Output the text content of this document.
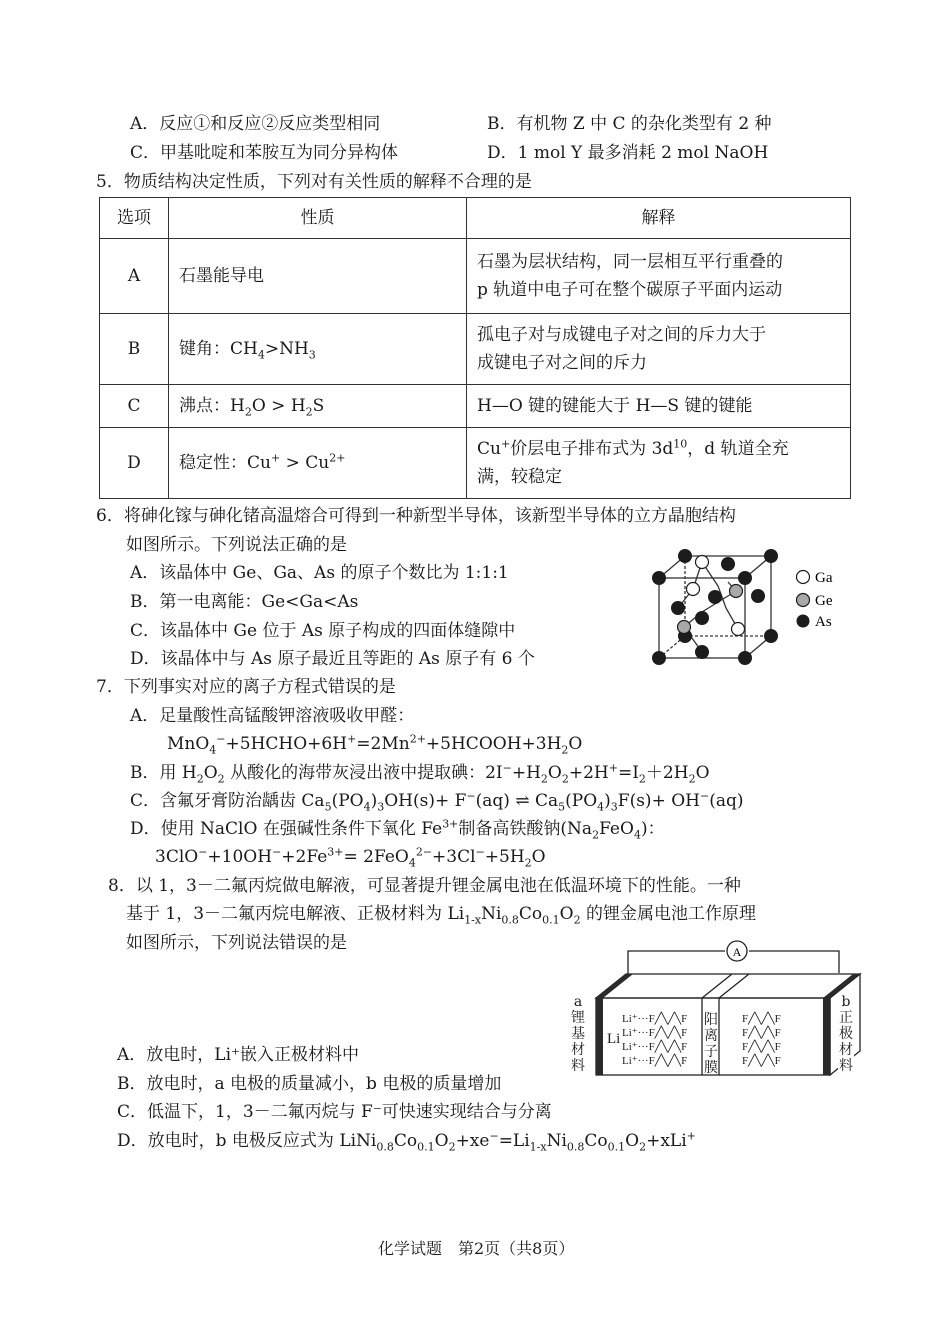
A．反应①和反应②反应类型相同	B．有机物 Z 中 C 的杂化类型有 2 种
C．甲基吡啶和苯胺互为同分异构体	D．1 mol Y 最多消耗 2 mol NaOH
5．物质结构决定性质，下列对有关性质的解释不合理的是
选项	性质	解释
A	石墨能导电	石墨为层状结构，同一层相互平行重叠的
p 轨道中电子可在整个碳原子平面内运动

B	键角：$CH_4>NH_3$	孤电子对与成键电子对之间的斥力大于
成键电子对之间的斥力

C	沸点：$H_2O > H_2S$	H—O 键的键能大于 H—S 键的键能
D	稳定性：$Cu^+ > Cu^{2+}$	Cu+价层电子排布式为 $3d^{10}$，d 轨道全充
满，较稳定
6．将砷化镓与砷化锗高温熔合可得到一种新型半导体，该新型半导体的立方晶胞结构
如图所示。下列说法正确的是
A．该晶体中 Ge、Ga、As 的原子个数比为 1:1:1
B．第一电离能：Ge<Ga<As
C．该晶体中 Ge 位于 As 原子构成的四面体缝隙中
D．该晶体中与 As 原子最近且等距的 As 原子有 6 个
Ga
Ge
As
7．下列事实对应的离子方程式错误的是
A．足量酸性高锰酸钾溶液吸收甲醛：
$MnO_4^-+5HCHO+6H^+=2Mn^{2+}+5HCOOH+3H_2O$
B．用 $H_2O_2$ 从酸化的海带灰浸出液中提取碘：$2I^-+H_2O_2+2H^+=I_2+2H_2O$
C．含氟牙膏防治龋齿 $Ca_5(PO_4)_3OH(s)+ F^-(aq)$ ⇌ $Ca_5(PO_4)_3F(s)+ OH^-(aq)$
D．使用 NaClO 在强碱性条件下氧化 $Fe^{3+}$制备高铁酸钠$(Na_2FeO_4)$：
$3ClO^-+10OH^-+2Fe^{3+}= 2FeO_4^{2-}+3Cl^-+5H_2O$
8．以 1，3－二氟丙烷做电解液，可显著提升锂金属电池在低温环境下的性能。一种
基于 1，3－二氟丙烷电解液、正极材料为 $Li_{1-x}Ni_{0.8}Co_{0.1}O_2$ 的锂金属电池工作原理
如图所示，下列说法错误的是	A
Li
Li⁺···F╱╲╱╲F
Li⁺···F╱╲╱╲F
Li⁺···F╱╲╱╲F
Li⁺···F╱╲╱╲F
F╱╲╱╲F
F╱╲╱╲F
F╱╲╱╲F
F╱╲╱╲F
a 锂基材料
阳离子膜
b 正极材料
A．放电时，Li⁺嵌入正极材料中
B．放电时，a 电极的质量减小，b 电极的质量增加
C．低温下，1，3－二氟丙烷与 F⁻可快速实现结合与分离
D．放电时，b 电极反应式为 $LiNi_{0.8}Co_{0.1}O_2+xe^-=Li_{1-x}Ni_{0.8}Co_{0.1}O_2+xLi^+$
化学试题　第2页（共8页）
